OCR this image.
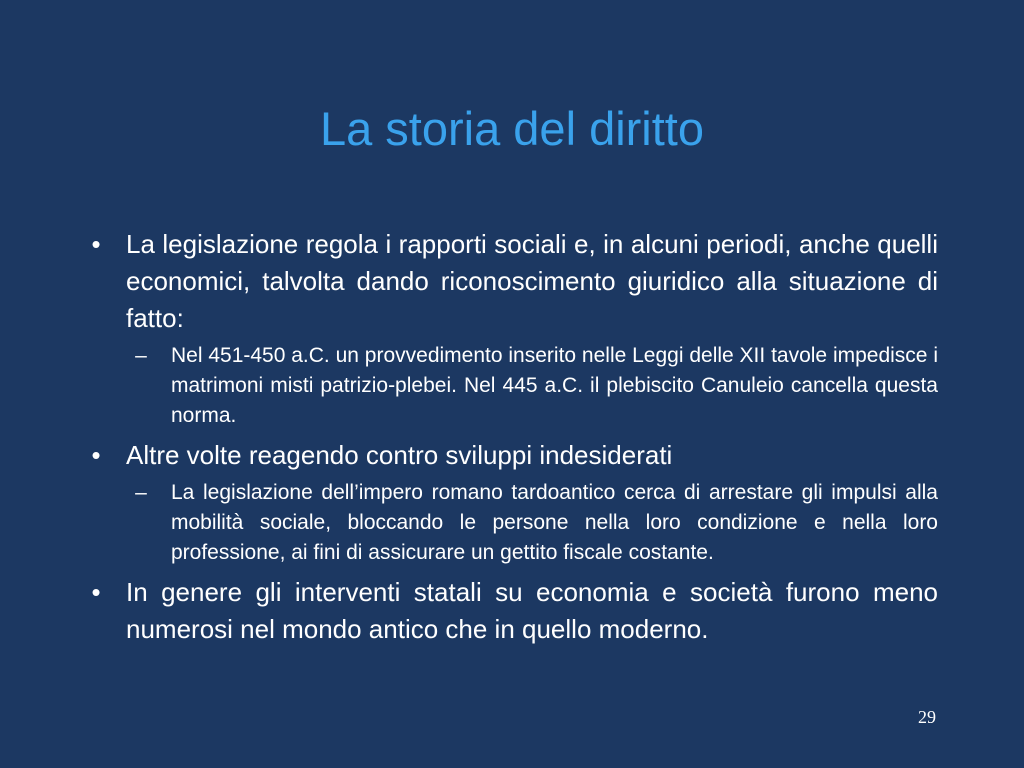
La storia del diritto
• La legislazione regola i rapporti sociali e, in alcuni periodi, anche quelli economici, talvolta dando riconoscimento giuridico alla situazione di fatto:
– Nel 451-450 a.C. un provvedimento inserito nelle Leggi delle XII tavole impedisce i matrimoni misti patrizio-plebei. Nel 445 a.C. il plebiscito Canuleio cancella questa norma.
• Altre volte reagendo contro sviluppi indesiderati
– La legislazione dell’impero romano tardoantico cerca di arrestare gli impulsi alla mobilità sociale, bloccando le persone nella loro condizione e nella loro professione, ai fini di assicurare un gettito fiscale costante.
• In genere gli interventi statali su economia e società furono meno numerosi nel mondo antico che in quello moderno.
29
